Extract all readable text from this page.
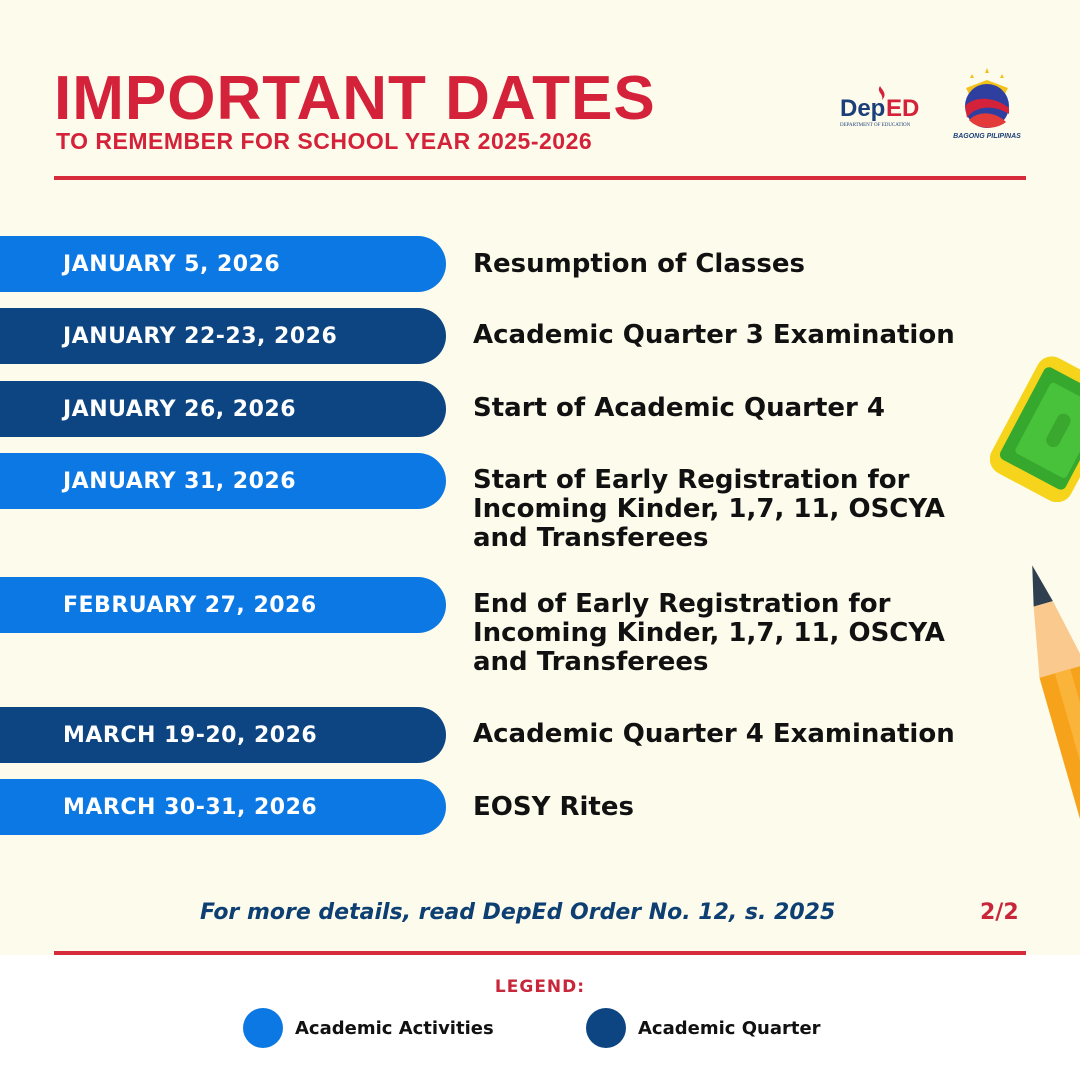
IMPORTANT DATES
TO REMEMBER FOR SCHOOL YEAR 2025-2026
Dep ED
DEPARTMENT OF EDUCATION
BAGONG PILIPINAS
JANUARY 5, 2026	Resumption of Classes
JANUARY 22-23, 2026	Academic Quarter 3 Examination
JANUARY 26, 2026	Start of Academic Quarter 4
JANUARY 31, 2026	Start of Early Registration for Incoming Kinder, 1,7, 11, OSCYA and Transferees
FEBRUARY 27, 2026	End of Early Registration for Incoming Kinder, 1,7, 11, OSCYA and Transferees
MARCH 19-20, 2026	Academic Quarter 4 Examination
MARCH 30-31, 2026	EOSY Rites
For more details, read DepEd Order No. 12, s. 2025	2/2
LEGEND:
Academic Activities	Academic Quarter
